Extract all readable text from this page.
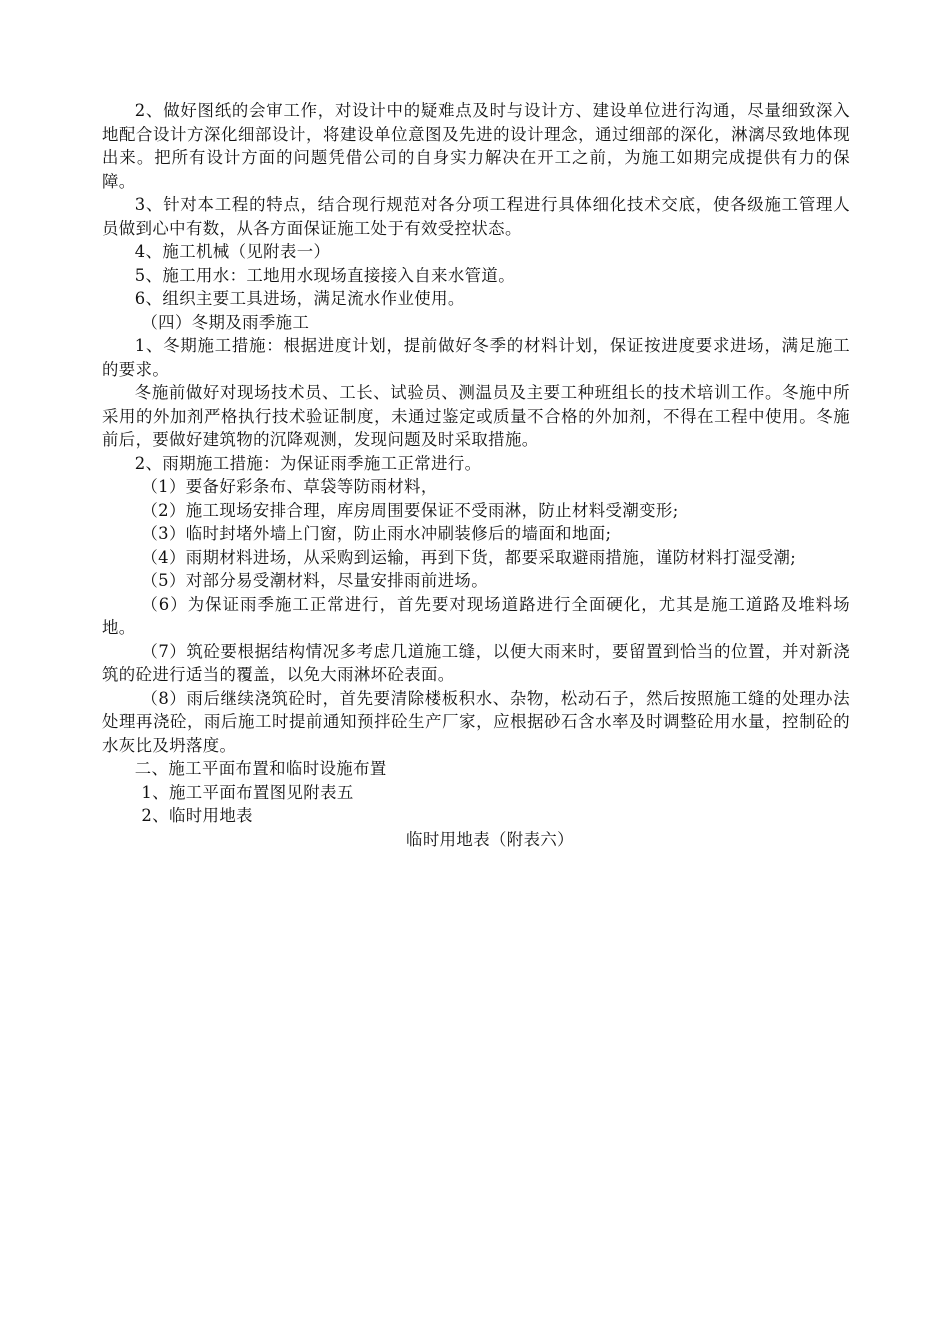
2、做好图纸的会审工作，对设计中的疑难点及时与设计方、建设单位进行沟通，尽量细致深入地配合设计方深化细部设计，将建设单位意图及先进的设计理念，通过细部的深化，淋漓尽致地体现出来。把所有设计方面的问题凭借公司的自身实力解决在开工之前，为施工如期完成提供有力的保障。

3、针对本工程的特点，结合现行规范对各分项工程进行具体细化技术交底，使各级施工管理人员做到心中有数，从各方面保证施工处于有效受控状态。

4、施工机械（见附表一）

5、施工用水：工地用水现场直接接入自来水管道。

6、组织主要工具进场，满足流水作业使用。

（四）冬期及雨季施工

1、冬期施工措施：根据进度计划，提前做好冬季的材料计划，保证按进度要求进场，满足施工的要求。

冬施前做好对现场技术员、工长、试验员、测温员及主要工种班组长的技术培训工作。冬施中所采用的外加剂严格执行技术验证制度，未通过鉴定或质量不合格的外加剂，不得在工程中使用。冬施前后，要做好建筑物的沉降观测，发现问题及时采取措施。

2、雨期施工措施：为保证雨季施工正常进行。

（1）要备好彩条布、草袋等防雨材料，

（2）施工现场安排合理，库房周围要保证不受雨淋，防止材料受潮变形;

（3）临时封堵外墙上门窗，防止雨水冲刷装修后的墙面和地面;

（4）雨期材料进场，从采购到运输，再到下货，都要采取避雨措施，谨防材料打湿受潮;

（5）对部分易受潮材料，尽量安排雨前进场。

（6）为保证雨季施工正常进行，首先要对现场道路进行全面硬化，尤其是施工道路及堆料场地。

（7）筑砼要根据结构情况多考虑几道施工缝，以便大雨来时，要留置到恰当的位置，并对新浇筑的砼进行适当的覆盖，以免大雨淋坏砼表面。

（8）雨后继续浇筑砼时，首先要清除楼板积水、杂物，松动石子，然后按照施工缝的处理办法处理再浇砼，雨后施工时提前通知预拌砼生产厂家，应根据砂石含水率及时调整砼用水量，控制砼的水灰比及坍落度。

二、施工平面布置和临时设施布置

1、施工平面布置图见附表五

2、临时用地表

临时用地表（附表六）
